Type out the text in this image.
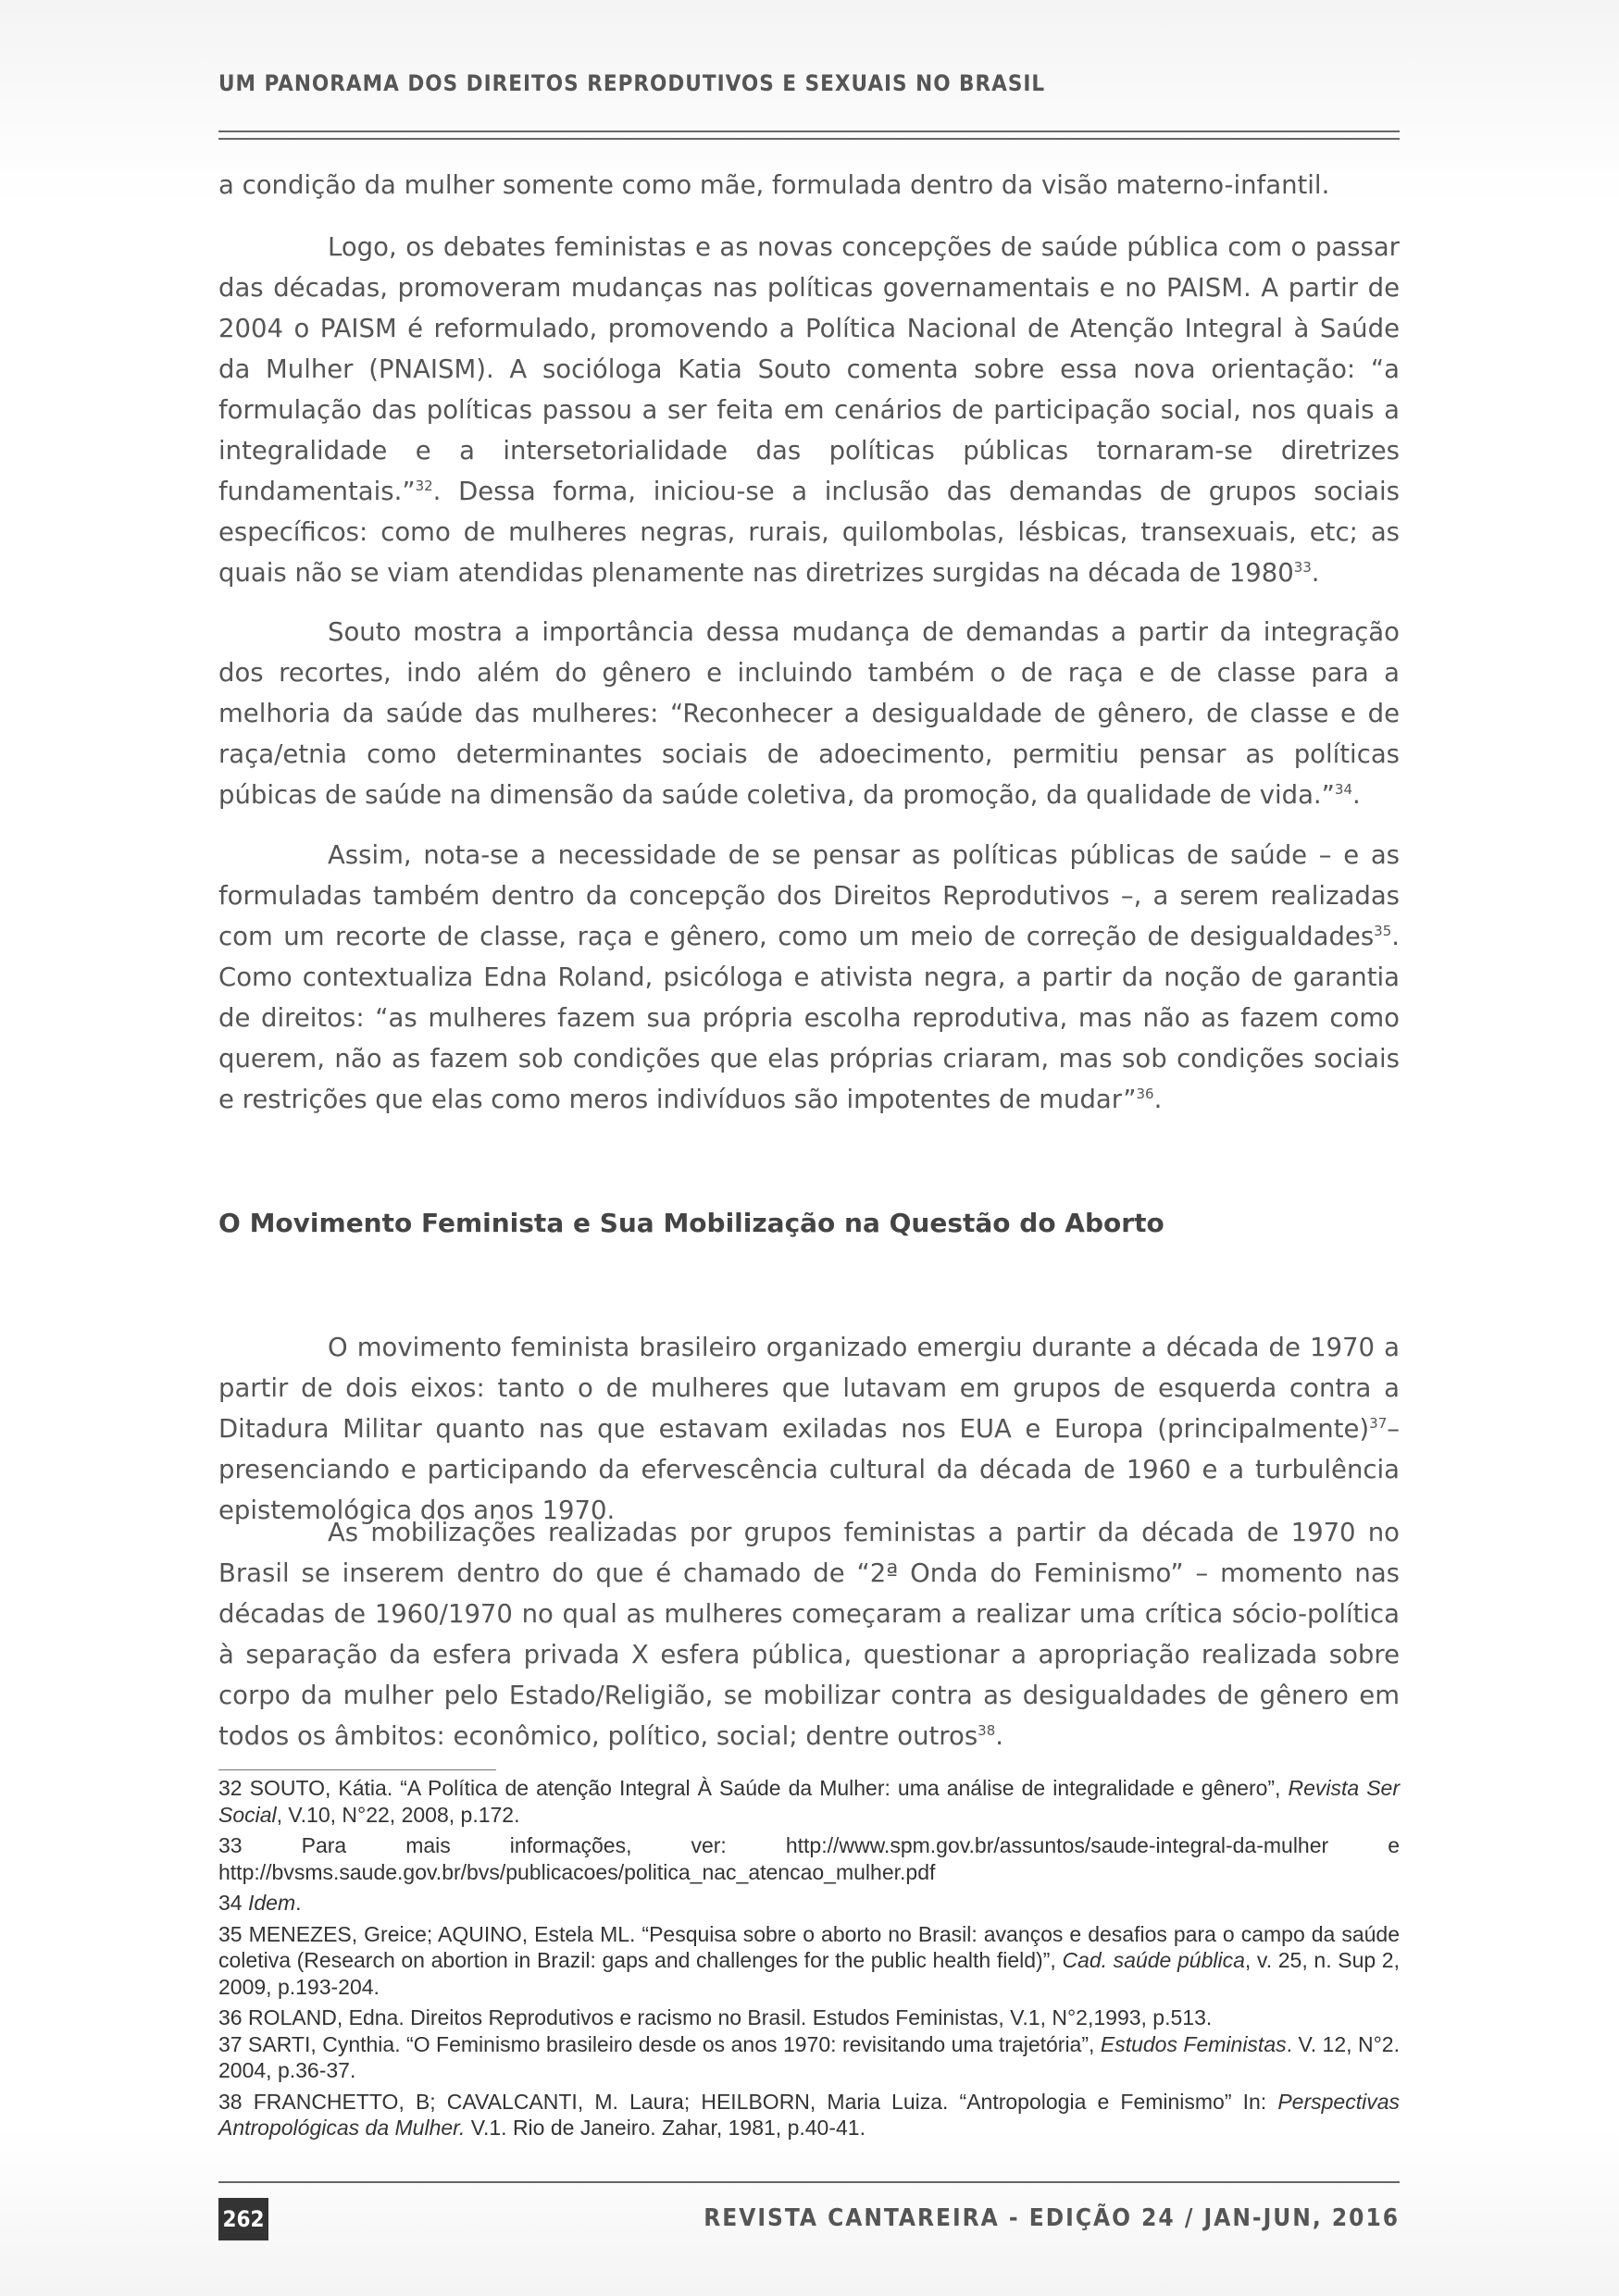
UM PANORAMA DOS DIREITOS REPRODUTIVOS E SEXUAIS NO BRASIL

a condição da mulher somente como mãe, formulada dentro da visão materno-infantil.

Logo, os debates feministas e as novas concepções de saúde pública com o passar das décadas, promoveram mudanças nas políticas governamentais e no PAISM. A partir de 2004 o PAISM é reformulado, promovendo a Política Nacional de Atenção Integral à Saúde da Mulher (PNAISM). A socióloga Katia Souto comenta sobre essa nova orientação: “a formulação das políticas passou a ser feita em cenários de participação social, nos quais a integralidade e a intersetorialidade das políticas públicas tornaram-se diretrizes fundamentais.”$^{32}$. Dessa forma, iniciou-se a inclusão das demandas de grupos sociais específicos: como de mulheres negras, rurais, quilombolas, lésbicas, transexuais, etc; as quais não se viam atendidas plenamente nas diretrizes surgidas na década de 1980$^{33}$.

Souto mostra a importância dessa mudança de demandas a partir da integração dos recortes, indo além do gênero e incluindo também o de raça e de classe para a melhoria da saúde das mulheres: “Reconhecer a desigualdade de gênero, de classe e de raça/etnia como determinantes sociais de adoecimento, permitiu pensar as políticas púbicas de saúde na dimensão da saúde coletiva, da promoção, da qualidade de vida.”$^{34}$.

Assim, nota-se a necessidade de se pensar as políticas públicas de saúde – e as formuladas também dentro da concepção dos Direitos Reprodutivos –, a serem realizadas com um recorte de classe, raça e gênero, como um meio de correção de desigualdades$^{35}$. Como contextualiza Edna Roland, psicóloga e ativista negra, a partir da noção de garantia de direitos: “as mulheres fazem sua própria escolha reprodutiva, mas não as fazem como querem, não as fazem sob condições que elas próprias criaram, mas sob condições sociais e restrições que elas como meros indivíduos são impotentes de mudar”$^{36}$.

O Movimento Feminista e Sua Mobilização na Questão do Aborto

O movimento feminista brasileiro organizado emergiu durante a década de 1970 a partir de dois eixos: tanto o de mulheres que lutavam em grupos de esquerda contra a Ditadura Militar quanto nas que estavam exiladas nos EUA e Europa (principalmente)$^{37}$– presenciando e participando da efervescência cultural da década de 1960 e a turbulência epistemológica dos anos 1970.

As mobilizações realizadas por grupos feministas a partir da década de 1970 no Brasil se inserem dentro do que é chamado de “2ª Onda do Feminismo” – momento nas décadas de 1960/1970 no qual as mulheres começaram a realizar uma crítica sócio-política à separação da esfera privada X esfera pública, questionar a apropriação realizada sobre corpo da mulher pelo Estado/Religião, se mobilizar contra as desigualdades de gênero em todos os âmbitos: econômico, político, social; dentre outros$^{38}$.

32 SOUTO, Kátia. “A Política de atenção Integral À Saúde da Mulher: uma análise de integralidade e gênero”, Revista Ser Social, V.10, N°22, 2008, p.172.

33 Para mais informações, ver: http://www.spm.gov.br/assuntos/saude-integral-da-mulher e http://bvsms.saude.gov.br/bvs/publicacoes/politica_nac_atencao_mulher.pdf

34 Idem.

35 MENEZES, Greice; AQUINO, Estela ML. “Pesquisa sobre o aborto no Brasil: avanços e desafios para o campo da saúde coletiva (Research on abortion in Brazil: gaps and challenges for the public health field)”, Cad. saúde pública, v. 25, n. Sup 2, 2009, p.193-204.

36 ROLAND, Edna. Direitos Reprodutivos e racismo no Brasil. Estudos Feministas, V.1, N°2,1993, p.513.

37 SARTI, Cynthia. “O Feminismo brasileiro desde os anos 1970: revisitando uma trajetória”, Estudos Feministas. V. 12, N°2. 2004, p.36-37.

38 FRANCHETTO, B; CAVALCANTI, M. Laura; HEILBORN, Maria Luiza. “Antropologia e Feminismo” In: Perspectivas Antropológicas da Mulher. V.1. Rio de Janeiro. Zahar, 1981, p.40-41.

262	REVISTA CANTAREIRA - EDIÇÃO 24 / JAN-JUN, 2016
